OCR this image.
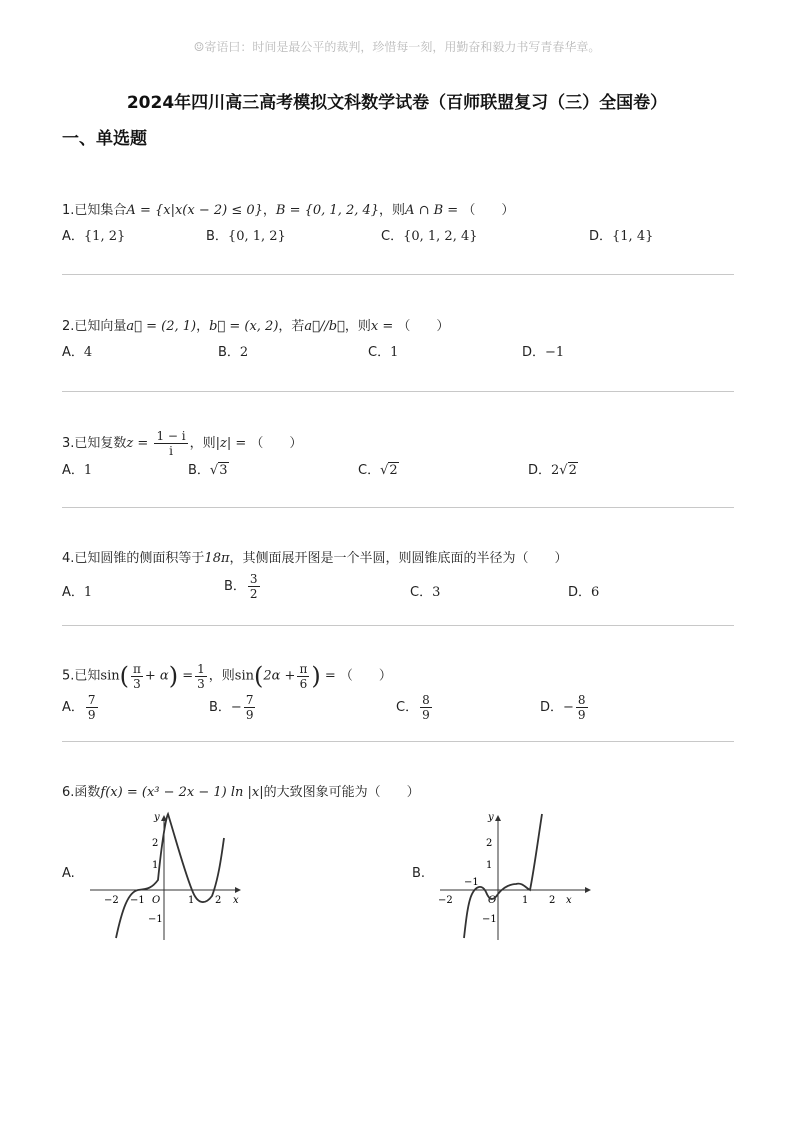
☺寄语曰：时间是最公平的裁判，珍惜每一刻，用勤奋和毅力书写青春华章。
2024年四川高三高考模拟文科数学试卷（百师联盟复习（三）全国卷）
一、单选题
1.已知集合A = {x|x(x − 2) ≤ 0}，B = {0, 1, 2, 4}，则A ∩ B = （　　）
A．{1, 2}	B．{0, 1, 2}	C．{0, 1, 2, 4}	D．{1, 4}
2.已知向量a⃗ = (2, 1)，b⃗ = (x, 2)，若a⃗//b⃗，则x = （　　）
A．4	B．2	C．1	D．−1
3.已知复数$z = \frac{1 - i}{i}$ ，则|z| = （　　）
A．1	B．√3	C．√2	D．2√2
4.已知圆锥的侧面积等于18π，其侧面展开图是一个半圆，则圆锥底面的半径为（　　）
A．1	B． $\frac{3}{2}$	C．3	D．6
5.已知$\sin( \frac{\pi}{3} + \alpha) = \frac{1}{3}$ ，则$\sin(2\alpha + \frac{\pi}{6}$ ) = （　　）
A． $\frac{7}{9}$	B．− $\frac{7}{9}$	C． $\frac{8}{9}$	D．− $\frac{8}{9}$
6.函数f(x) = (x³ − 2x − 1) ln |x|的大致图象可能为（　　）
A.
y
x
O
−2 −1	1 2
2
1
−1
B.
y
x
O
−2	1 2
−1
2
1
−1
